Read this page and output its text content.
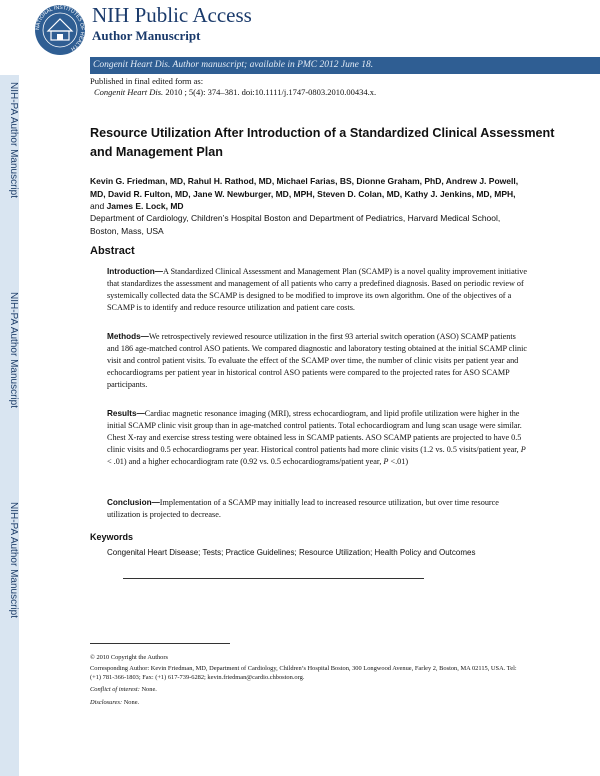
NATIONAL INSTITUTES OF HEALTH
NIH Public Access
Author Manuscript
Congenit Heart Dis. Author manuscript; available in PMC 2012 June 18.
Published in final edited form as:
Congenit Heart Dis. 2010 ; 5(4): 374–381. doi:10.1111/j.1747-0803.2010.00434.x.
NIH-PA Author Manuscript
NIH-PA Author Manuscript
NIH-PA Author Manuscript
Resource Utilization After Introduction of a Standardized Clinical Assessment and Management Plan
Kevin G. Friedman, MD, Rahul H. Rathod, MD, Michael Farias, BS, Dionne Graham, PhD, Andrew J. Powell, MD, David R. Fulton, MD, Jane W. Newburger, MD, MPH, Steven D. Colan, MD, Kathy J. Jenkins, MD, MPH, and James E. Lock, MD
Department of Cardiology, Children’s Hospital Boston and Department of Pediatrics, Harvard Medical School, Boston, Mass, USA
Abstract
Introduction—A Standardized Clinical Assessment and Management Plan (SCAMP) is a novel quality improvement initiative that standardizes the assessment and management of all patients who carry a predefined diagnosis. Based on periodic review of systemically collected data the SCAMP is designed to be modified to improve its own algorithm. One of the objectives of a SCAMP is to identify and reduce resource utilization and patient care costs.
Methods—We retrospectively reviewed resource utilization in the first 93 arterial switch operation (ASO) SCAMP patients and 186 age-matched control ASO patients. We compared diagnostic and laboratory testing obtained at the initial SCAMP clinic visit and control patient visits. To evaluate the effect of the SCAMP over time, the number of clinic visits per patient year and echocardiograms per patient year in historical control ASO patients were compared to the projected rates for ASO SCAMP participants.
Results—Cardiac magnetic resonance imaging (MRI), stress echocardiogram, and lipid profile utilization were higher in the initial SCAMP clinic visit group than in age-matched control patients. Total echocardiogram and lung scan usage were similar. Chest X-ray and exercise stress testing were obtained less in SCAMP patients. ASO SCAMP patients are projected to have 0.5 clinic visits and 0.5 echocardiograms per year. Historical control patients had more clinic visits (1.2 vs. 0.5 visits/patient year, P < .01) and a higher echocardiogram rate (0.92 vs. 0.5 echocardiograms/patient year, P <.01)
Conclusion—Implementation of a SCAMP may initially lead to increased resource utilization, but over time resource utilization is projected to decrease.
Keywords
Congenital Heart Disease; Tests; Practice Guidelines; Resource Utilization; Health Policy and Outcomes
© 2010 Copyright the Authors
Corresponding Author: Kevin Friedman, MD, Department of Cardiology, Children’s Hospital Boston, 300 Longwood Avenue, Farley 2, Boston, MA 02115, USA. Tel: (+1) 781-366-1803; Fax: (+1) 617-739-6282; kevin.friedman@cardio.chboston.org.
Conflict of interest: None.
Disclosures: None.
